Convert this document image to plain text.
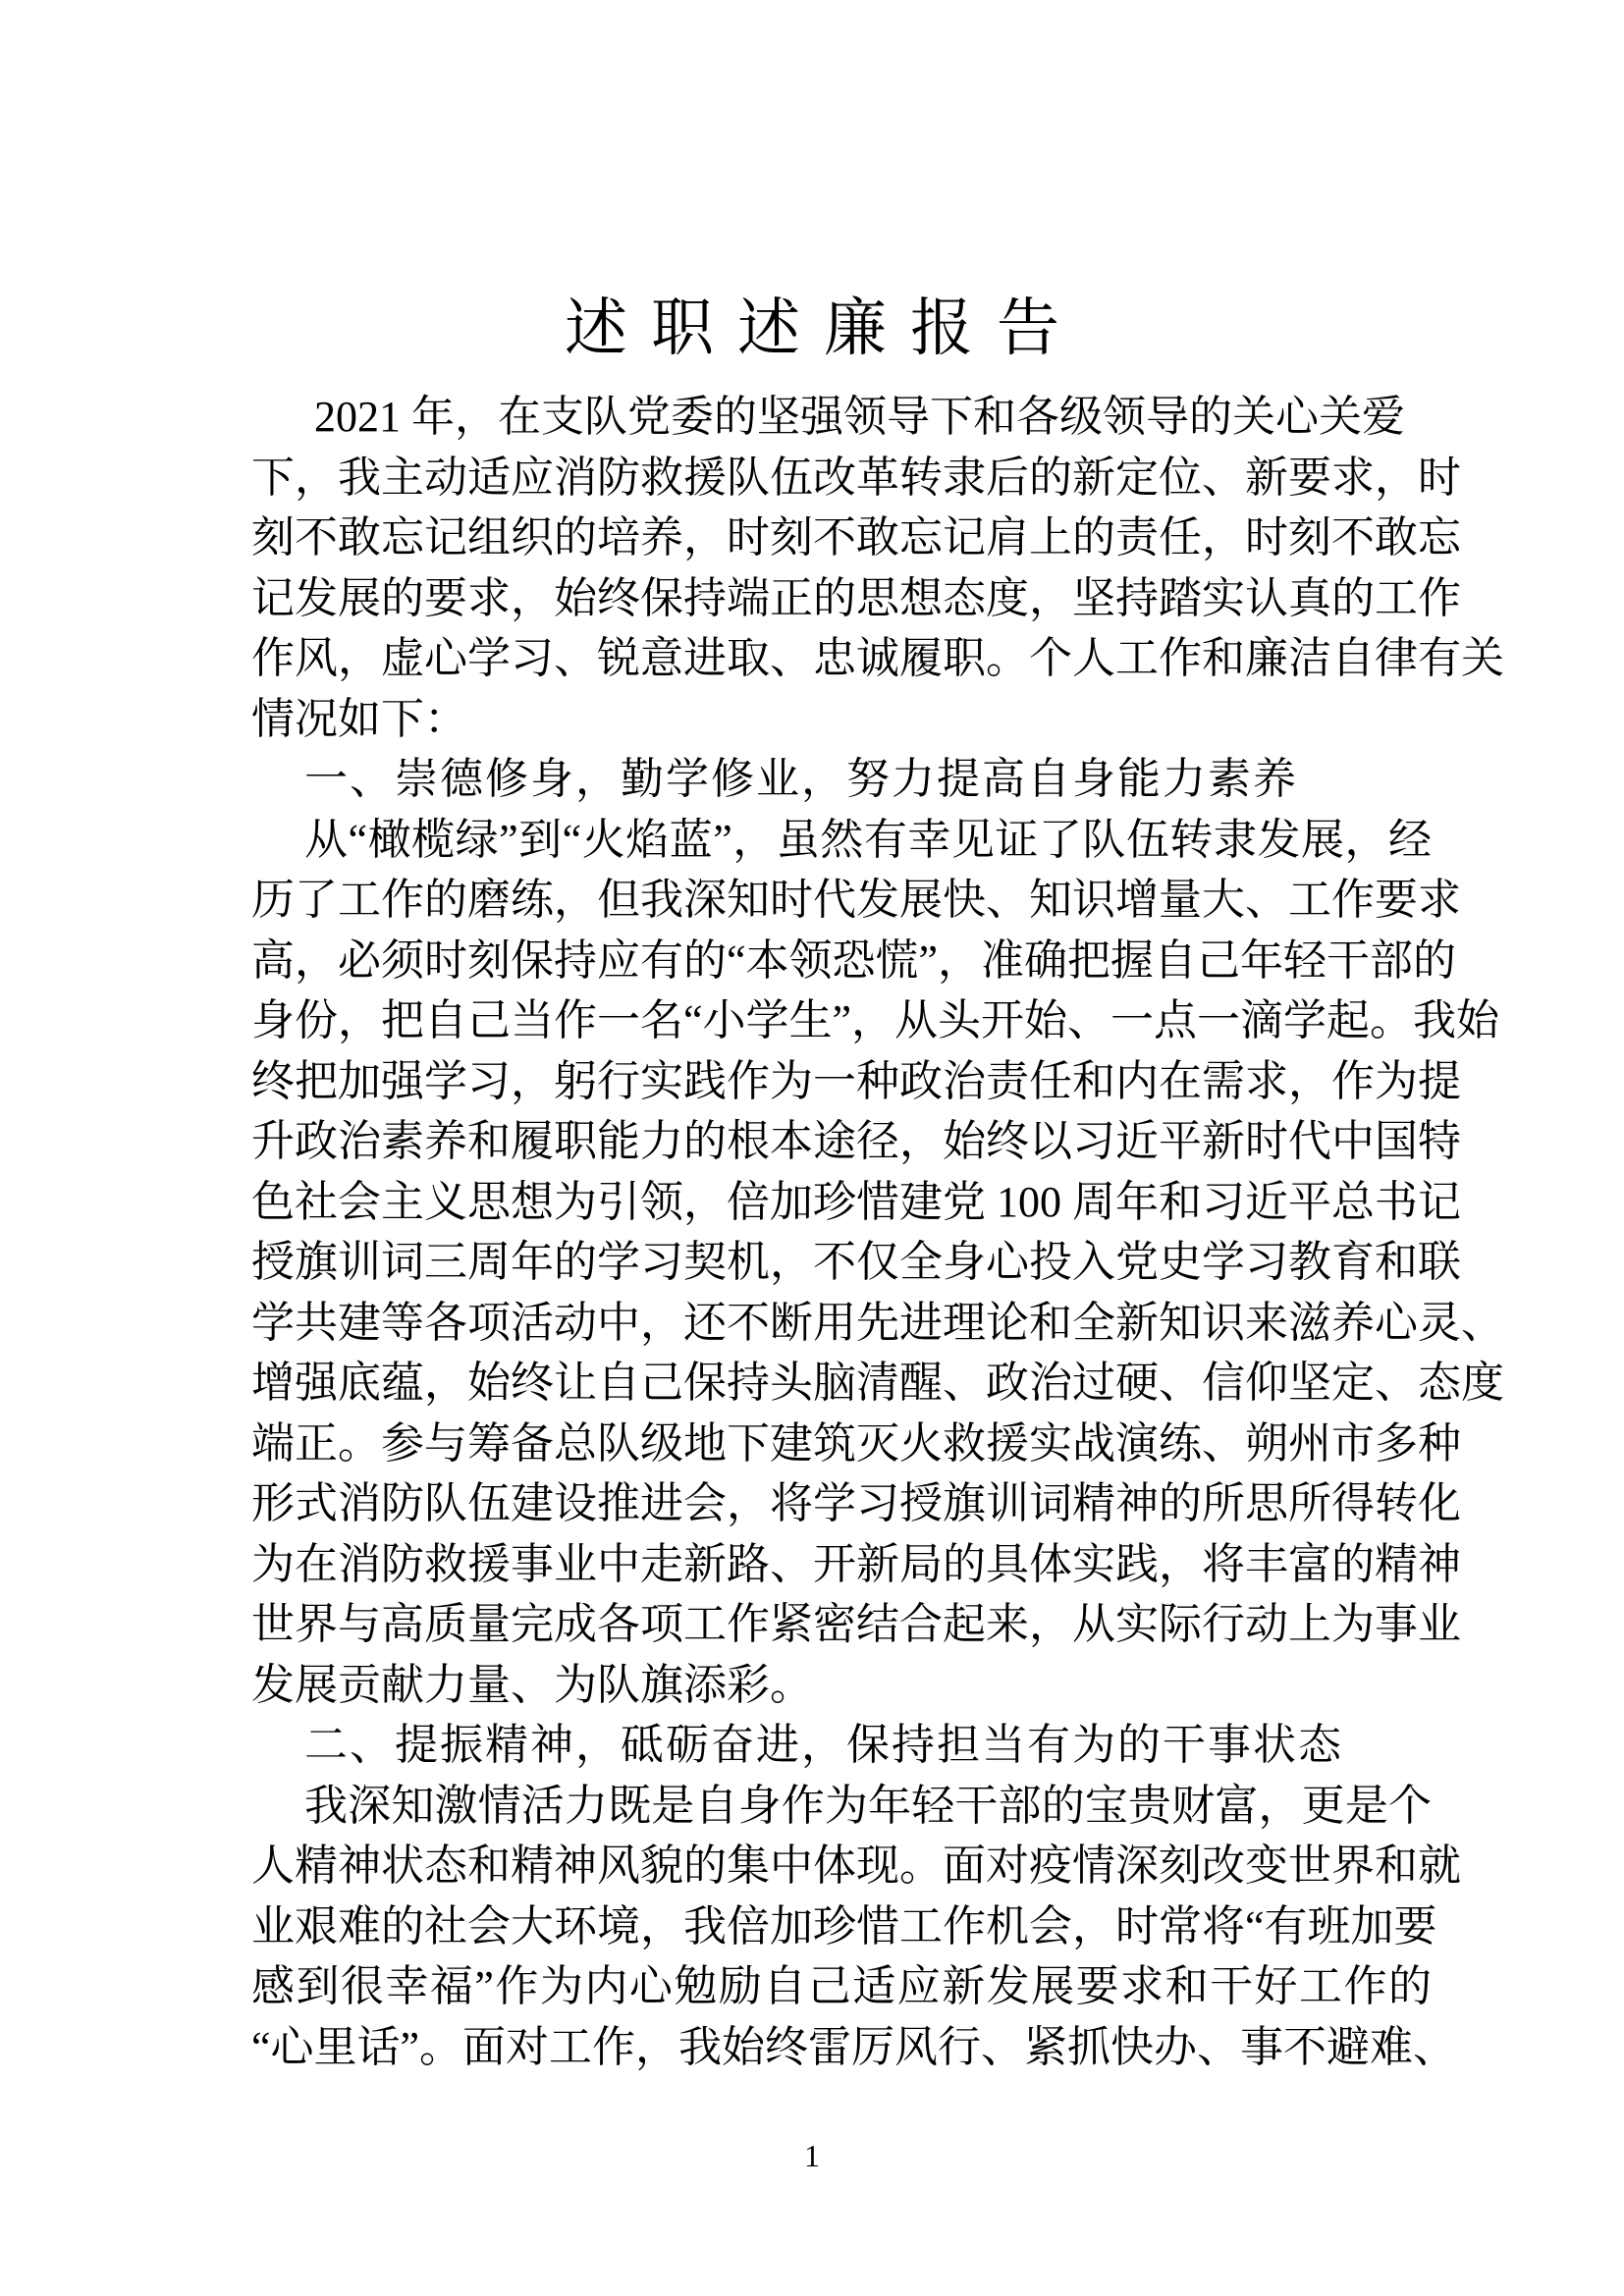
述职述廉报告
2021 年，在支队党委的坚强领导下和各级领导的关心关爱
下，我主动适应消防救援队伍改革转隶后的新定位、新要求，时
刻不敢忘记组织的培养，时刻不敢忘记肩上的责任，时刻不敢忘
记发展的要求，始终保持端正的思想态度，坚持踏实认真的工作
作风，虚心学习、锐意进取、忠诚履职。个人工作和廉洁自律有关
情况如下：
一、崇德修身，勤学修业，努力提高自身能力素养
从“橄榄绿”到“火焰蓝”，虽然有幸见证了队伍转隶发展，经
历了工作的磨练，但我深知时代发展快、知识增量大、工作要求
高，必须时刻保持应有的“本领恐慌”，准确把握自己年轻干部的
身份，把自己当作一名“小学生”，从头开始、一点一滴学起。我始
终把加强学习，躬行实践作为一种政治责任和内在需求，作为提
升政治素养和履职能力的根本途径，始终以习近平新时代中国特
色社会主义思想为引领，倍加珍惜建党 100 周年和习近平总书记
授旗训词三周年的学习契机，不仅全身心投入党史学习教育和联
学共建等各项活动中，还不断用先进理论和全新知识来滋养心灵、
增强底蕴，始终让自己保持头脑清醒、政治过硬、信仰坚定、态度
端正。参与筹备总队级地下建筑灭火救援实战演练、朔州市多种
形式消防队伍建设推进会，将学习授旗训词精神的所思所得转化
为在消防救援事业中走新路、开新局的具体实践，将丰富的精神
世界与高质量完成各项工作紧密结合起来，从实际行动上为事业
发展贡献力量、为队旗添彩。
二、提振精神，砥砺奋进，保持担当有为的干事状态
我深知激情活力既是自身作为年轻干部的宝贵财富，更是个
人精神状态和精神风貌的集中体现。面对疫情深刻改变世界和就
业艰难的社会大环境，我倍加珍惜工作机会，时常将“有班加要
感到很幸福”作为内心勉励自己适应新发展要求和干好工作的
“心里话”。面对工作，我始终雷厉风行、紧抓快办、事不避难、
1
